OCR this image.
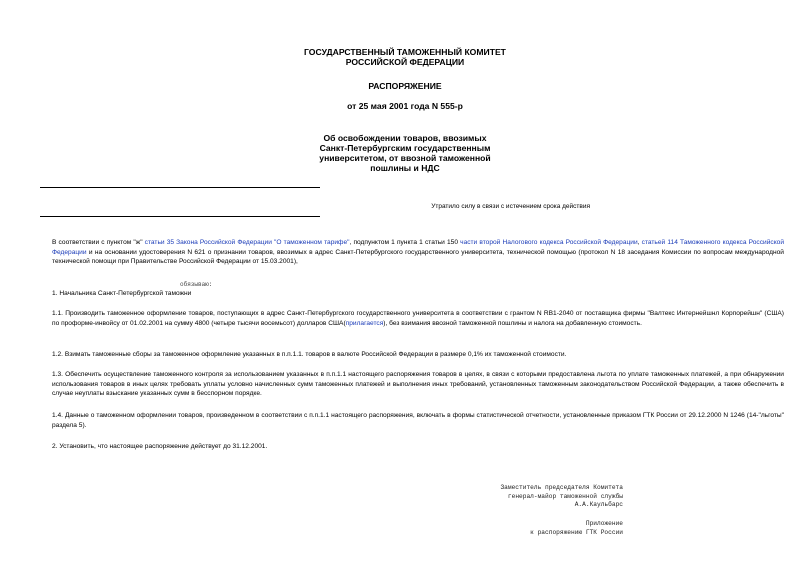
ГОСУДАРСТВЕННЫЙ ТАМОЖЕННЫЙ КОМИТЕТ
РОССИЙСКОЙ ФЕДЕРАЦИИ
РАСПОРЯЖЕНИЕ
от 25 мая 2001 года N 555-р
Об освобождении товаров, ввозимых
Санкт-Петербургским государственным
университетом, от ввозной таможенной
пошлины и НДС
Утратило силу в связи с истечением срока действия
В соответствии с пунктом "ж" статьи 35 Закона Российской Федерации "О таможенном тарифе", подпунктом 1 пункта 1 статьи 150 части второй Налогового кодекса Российской Федерации, статьей 114 Таможенного кодекса Российской Федерации и на основании удостоверения N 621 о признании товаров, ввозимых в адрес Санкт-Петербургского государственного университета, технической помощью (протокол N 18 заседания Комиссии по вопросам международной технической помощи при Правительстве Российской Федерации от 15.03.2001),
обязываю:
1. Начальника Санкт-Петербургской таможни
1.1. Производить таможенное оформление товаров, поступающих в адрес Санкт-Петербургского государственного университета в соответствии с грантом N RB1-2040 от поставщика фирмы "Валтекс Интернейшнл Корпорейшн" (США) по проформе-инвойсу от 01.02.2001 на сумму 4800 (четыре тысячи восемьсот) долларов США(прилагается), без взимания ввозной таможенной пошлины и налога на добавленную стоимость.
1.2. Взимать таможенные сборы за таможенное оформление указанных в п.п.1.1. товаров в валюте Российской Федерации в размере 0,1% их таможенной стоимости.
1.3. Обеспечить осуществление таможенного контроля за использованием указанных в п.п.1.1 настоящего распоряжения товаров в целях, в связи с которыми предоставлена льгота по уплате таможенных платежей, а при обнаружении использования товаров в иных целях требовать уплаты условно начисленных сумм таможенных платежей и выполнения иных требований, установленных таможенным законодательством Российской Федерации, а также обеспечить в случае неуплаты взыскание указанных сумм в бесспорном порядке.
1.4. Данные о таможенном оформлении товаров, произведенном в соответствии с п.п.1.1 настоящего распоряжения, включать в формы статистической отчетности, установленные приказом ГТК России от 29.12.2000 N 1246 (14-"льготы" раздела 5).
2. Установить, что настоящее распоряжение действует до 31.12.2001.
Заместитель председателя Комитета
генерал-майор таможенной службы
А.А.Каульбарс
Приложение
к распоряжению ГТК России
